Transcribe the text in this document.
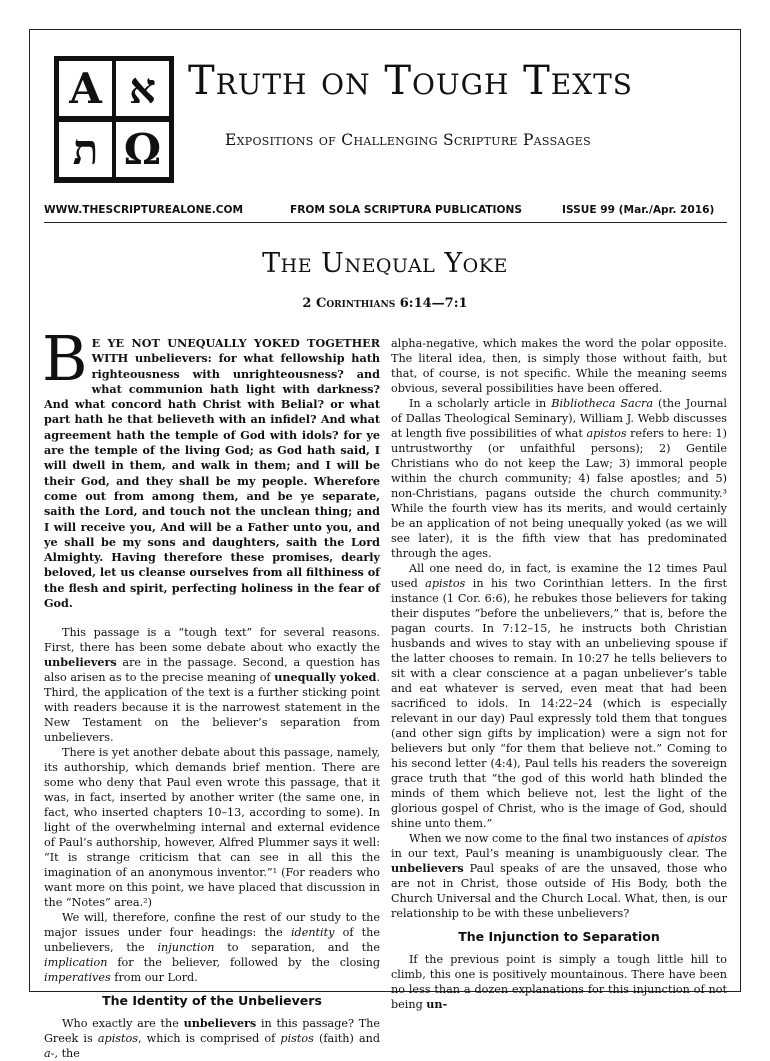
A א
ת Ω
Truth on Tough Texts
Expositions of Challenging Scripture Passages
WWW.THESCRIPTUREALONE.COM	FROM SOLA SCRIPTURA PUBLICATIONS	ISSUE 99 (Mar./Apr. 2016)
The Unequal Yoke
2 Corinthians 6:14—7:1
B E YE NOT UNEQUALLY YOKED TOGETHER WITH unbelievers: for what fellowship hath righteousness with unrighteousness? and what communion hath light with darkness? And what concord hath Christ with Belial? or what part hath he that believeth with an infidel? And what agreement hath the temple of God with idols? for ye are the temple of the living God; as God hath said, I will dwell in them, and walk in them; and I will be their God, and they shall be my people. Wherefore come out from among them, and be ye separate, saith the Lord, and touch not the unclean thing; and I will receive you, And will be a Father unto you, and ye shall be my sons and daughters, saith the Lord Almighty. Having therefore these promises, dearly beloved, let us cleanse ourselves from all filthiness of the flesh and spirit, perfecting holiness in the fear of God.

This passage is a “tough text” for several reasons. First, there has been some debate about who exactly the unbelievers are in the passage. Second, a question has also arisen as to the precise meaning of unequally yoked. Third, the application of the text is a further sticking point with readers because it is the narrowest statement in the New Testament on the believer’s separation from unbelievers.

There is yet another debate about this passage, namely, its authorship, which demands brief mention. There are some who deny that Paul even wrote this passage, that it was, in fact, inserted by another writer (the same one, in fact, who inserted chapters 10–13, according to some). In light of the overwhelming internal and external evidence of Paul’s authorship, however, Alfred Plummer says it well: “It is strange criticism that can see in all this the imagination of an anonymous inventor.”¹ (For readers who want more on this point, we have placed that discussion in the “Notes” area.²)

We will, therefore, confine the rest of our study to the major issues under four headings: the identity of the unbelievers, the injunction to separation, and the implication for the believer, followed by the closing imperatives from our Lord.

The Identity of the Unbelievers

Who exactly are the unbelievers in this passage? The Greek is apistos, which is comprised of pistos (faith) and a-, the

alpha-negative, which makes the word the polar opposite. The literal idea, then, is simply those without faith, but that, of course, is not specific. While the meaning seems obvious, several possibilities have been offered.

In a scholarly article in Bibliotheca Sacra (the Journal of Dallas Theological Seminary), William J. Webb discusses at length five possibilities of what apistos refers to here: 1) untrustworthy (or unfaithful persons); 2) Gentile Christians who do not keep the Law; 3) immoral people within the church community; 4) false apostles; and 5) non-Christians, pagans outside the church community.³ While the fourth view has its merits, and would certainly be an application of not being unequally yoked (as we will see later), it is the fifth view that has predominated through the ages.

All one need do, in fact, is examine the 12 times Paul used apistos in his two Corinthian letters. In the first instance (1 Cor. 6:6), he rebukes those believers for taking their disputes “before the unbelievers,” that is, before the pagan courts. In 7:12–15, he instructs both Christian husbands and wives to stay with an unbelieving spouse if the latter chooses to remain. In 10:27 he tells believers to sit with a clear conscience at a pagan unbeliever’s table and eat whatever is served, even meat that had been sacrificed to idols. In 14:22–24 (which is especially relevant in our day) Paul expressly told them that tongues (and other sign gifts by implication) were a sign not for believers but only “for them that believe not.” Coming to his second letter (4:4), Paul tells his readers the sovereign grace truth that “the god of this world hath blinded the minds of them which believe not, lest the light of the glorious gospel of Christ, who is the image of God, should shine unto them.”

When we now come to the final two instances of apistos in our text, Paul’s meaning is unambiguously clear. The unbelievers Paul speaks of are the unsaved, those who are not in Christ, those outside of His Body, both the Church Universal and the Church Local. What, then, is our relationship to be with these unbelievers?

The Injunction to Separation

If the previous point is simply a tough little hill to climb, this one is positively mountainous. There have been no less than a dozen explanations for this injunction of not being un-
